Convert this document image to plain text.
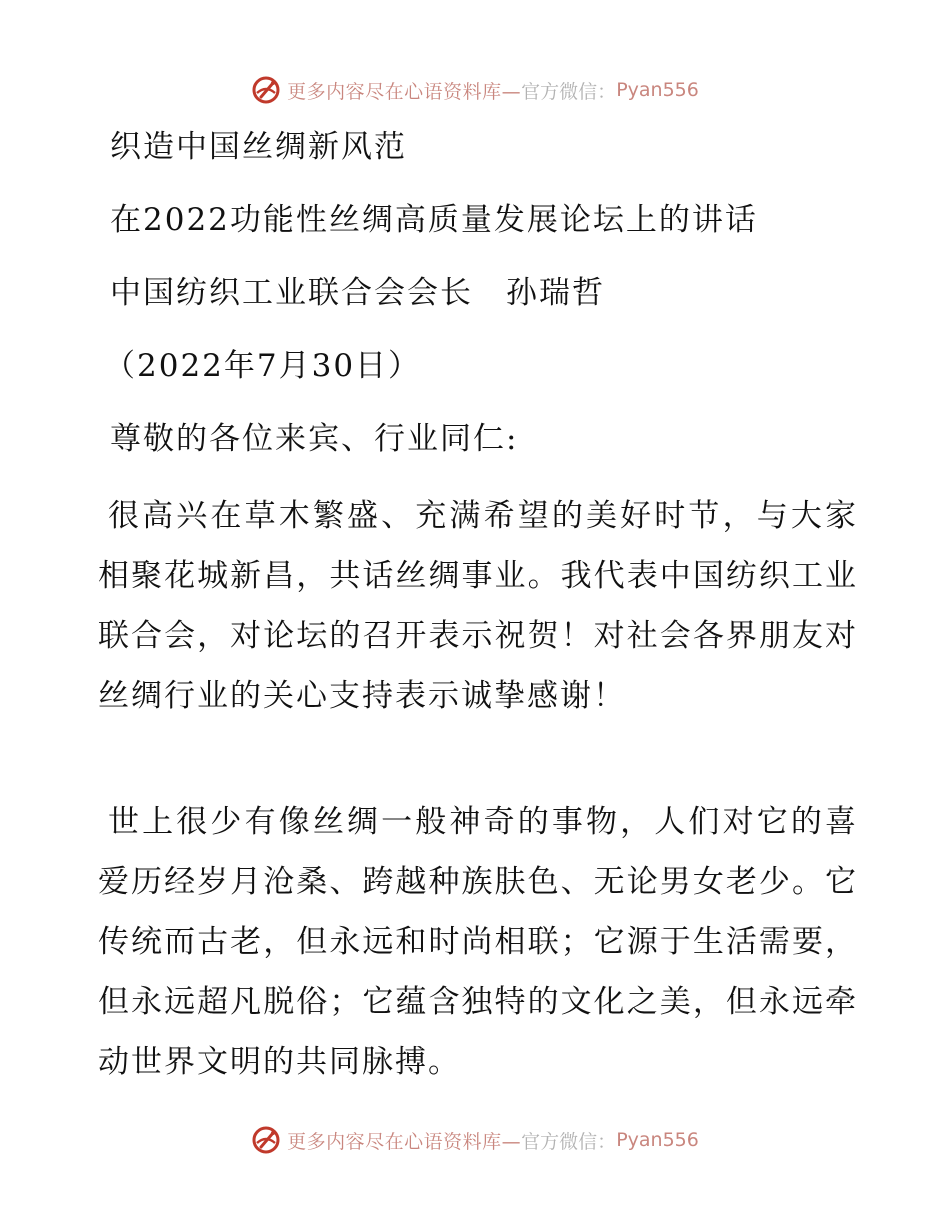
更多内容尽在心语资料库— 官方微信： Pyan556
织造中国丝绸新风范
在2022功能性丝绸高质量发展论坛上的讲话
中国纺织工业联合会会长　孙瑞哲
（2022年7月30日）
尊敬的各位来宾、行业同仁:
很高兴在草木繁盛、充满希望的美好时节，与大家相聚花城新昌，共话丝绸事业。我代表中国纺织工业联合会，对论坛的召开表示祝贺！对社会各界朋友对丝绸行业的关心支持表示诚挚感谢！
世上很少有像丝绸一般神奇的事物，人们对它的喜爱历经岁月沧桑、跨越种族肤色、无论男女老少。它传统而古老，但永远和时尚相联；它源于生活需要，但永远超凡脱俗；它蕴含独特的文化之美，但永远牵动世界文明的共同脉搏。
更多内容尽在心语资料库— 官方微信： Pyan556
